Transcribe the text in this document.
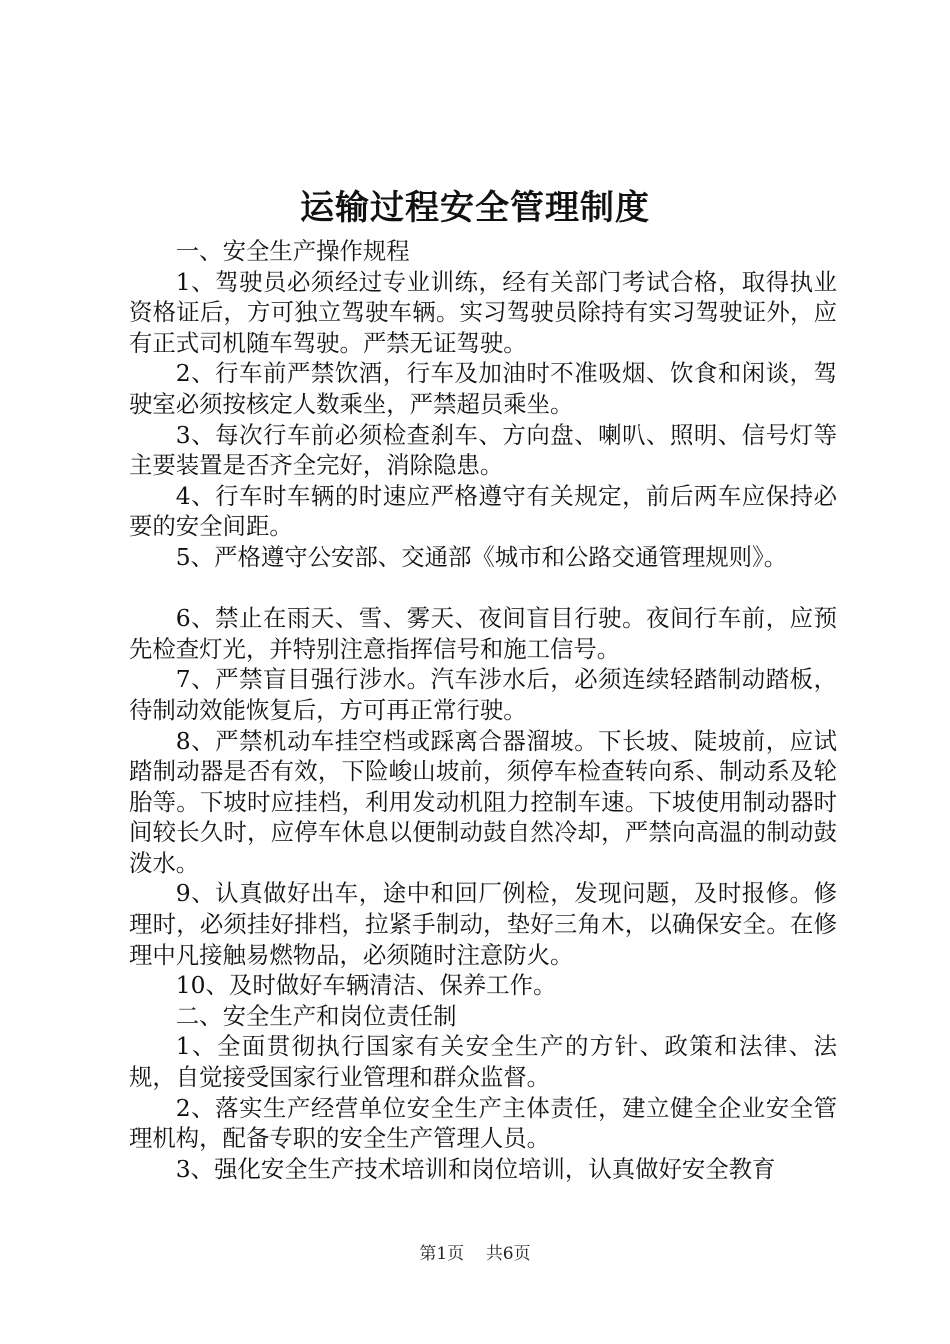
运输过程安全管理制度

一、安全生产操作规程

1、驾驶员必须经过专业训练，经有关部门考试合格，取得执业资格证后，方可独立驾驶车辆。实习驾驶员除持有实习驾驶证外，应有正式司机随车驾驶。严禁无证驾驶。

2、行车前严禁饮酒，行车及加油时不准吸烟、饮食和闲谈，驾驶室必须按核定人数乘坐，严禁超员乘坐。

3、每次行车前必须检查刹车、方向盘、喇叭、照明、信号灯等主要装置是否齐全完好，消除隐患。

4、行车时车辆的时速应严格遵守有关规定，前后两车应保持必要的安全间距。

5、严格遵守公安部、交通部《城市和公路交通管理规则》。

6、禁止在雨天、雪、雾天、夜间盲目行驶。夜间行车前，应预先检查灯光，并特别注意指挥信号和施工信号。

7、严禁盲目强行涉水。汽车涉水后，必须连续轻踏制动踏板，待制动效能恢复后，方可再正常行驶。

8、严禁机动车挂空档或踩离合器溜坡。下长坡、陡坡前，应试踏制动器是否有效，下险峻山坡前，须停车检查转向系、制动系及轮胎等。下坡时应挂档，利用发动机阻力控制车速。下坡使用制动器时间较长久时，应停车休息以便制动鼓自然冷却，严禁向高温的制动鼓泼水。

9、认真做好出车，途中和回厂例检，发现问题，及时报修。修理时，必须挂好排档，拉紧手制动，垫好三角木，以确保安全。在修理中凡接触易燃物品，必须随时注意防火。

10、及时做好车辆清洁、保养工作。

二、安全生产和岗位责任制

1、全面贯彻执行国家有关安全生产的方针、政策和法律、法规，自觉接受国家行业管理和群众监督。

2、落实生产经营单位安全生产主体责任，建立健全企业安全管理机构，配备专职的安全生产管理人员。

3、强化安全生产技术培训和岗位培训，认真做好安全教育

第1页 共6页
